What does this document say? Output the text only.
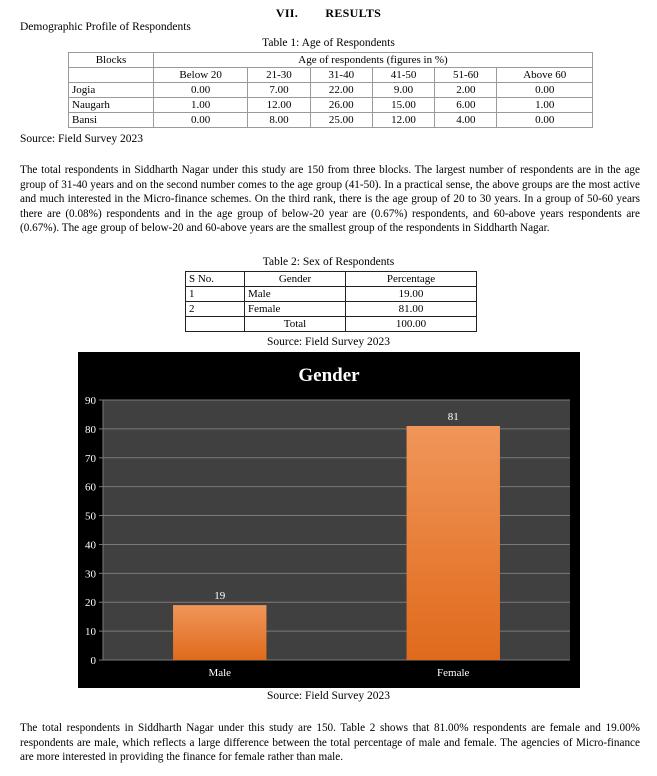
VII. RESULTS
Demographic Profile of Respondents
Table 1: Age of Respondents
Blocks	Age of respondents (figures in %)					
	Below 20	21-30	31-40	41-50	51-60	Above 60
Jogia	0.00	7.00	22.00	9.00	2.00	0.00
Naugarh	1.00	12.00	26.00	15.00	6.00	1.00
Bansi	0.00	8.00	25.00	12.00	4.00	0.00
Source: Field Survey 2023
The total respondents in Siddharth Nagar under this study are 150 from three blocks. The largest number of respondents are in the age group of 31-40 years and on the second number comes to the age group (41-50). In a practical sense, the above groups are the most active and much interested in the Micro-finance schemes. On the third rank, there is the age group of 20 to 30 years. In a group of 50-60 years there are (0.08%) respondents and in the age group of below-20 year are (0.67%) respondents, and 60-above years respondents are (0.67%). The age group of below-20 and 60-above years are the smallest group of the respondents in Siddharth Nagar.
Table 2: Sex of Respondents
S No.	Gender	Percentage
1	Male	19.00
2	Female	81.00
	Total	100.00
Source: Field Survey 2023
Gender
0
10
20
30
40
50
60
70
80
90
19
Male
81
Female
Source: Field Survey 2023
The total respondents in Siddharth Nagar under this study are 150. Table 2 shows that 81.00% respondents are female and 19.00% respondents are male, which reflects a large difference between the total percentage of male and female. The agencies of Micro-finance are more interested in providing the finance for female rather than male.
